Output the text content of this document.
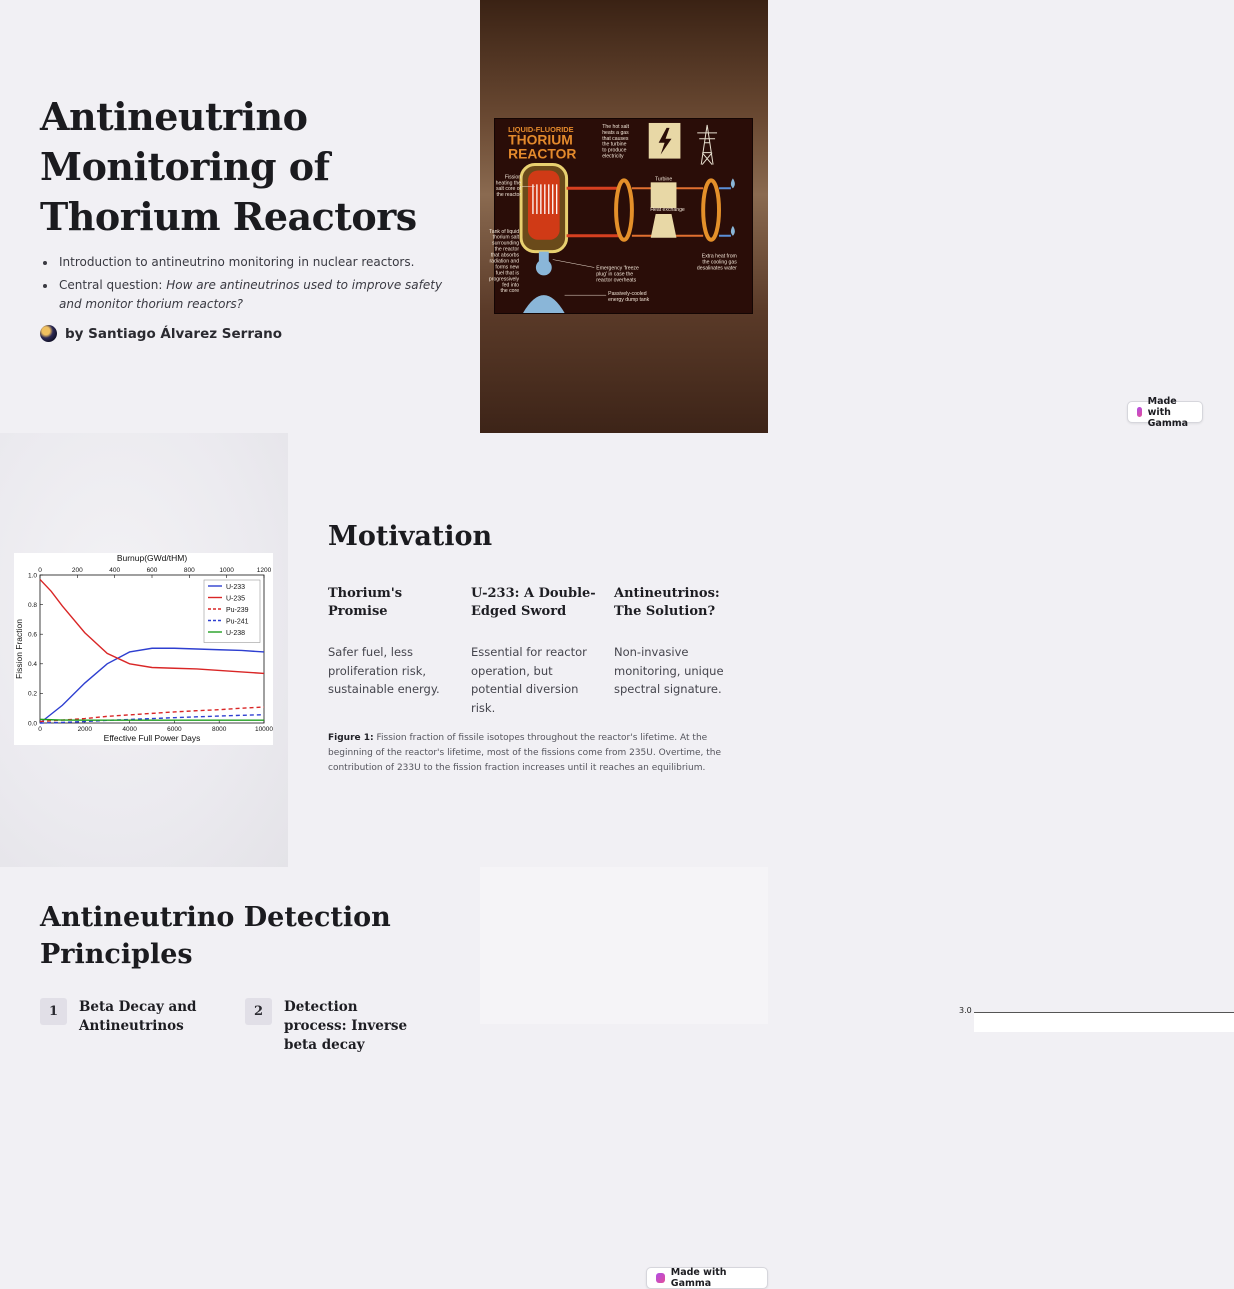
Antineutrino Monitoring of Thorium Reactors
Introduction to antineutrino monitoring in nuclear reactors.
Central question: How are antineutrinos used to improve safety and monitor thorium reactors?
by Santiago Álvarez Serrano
LIQUID-FLUORIDE
THORIUM
REACTOR
The hot salt
heats a gas
that causes
the turbine
to produce
electricity
Fission
heating the
salt core of
the reactor
Turbine
Heat exchange
Tank of liquid
thorium salt
surrounding
the reactor
that absorbs
radiation and
forms new
fuel that is
progressively
fed into
the core
Emergency 'freeze
plug' in case the
reactor overheats
Extra heat from
the cooling gas
desalinates water
Passively-cooled
energy dump tank
Made with Gamma
0	2000	4000	6000	8000	10000
0	200	400	600	800	1000	1200
0.0
0.2
0.4
0.6
0.8
1.0
Effective Full Power Days
Burnup(GWd/tHM)
Fission Fraction
U-233
U-235
Pu-239
Pu-241
U-238
Motivation
Thorium's Promise
Safer fuel, less proliferation risk, sustainable energy.
U-233: A Double-Edged Sword
Essential for reactor operation, but potential diversion risk.
Antineutrinos: The Solution?
Non-invasive monitoring, unique spectral signature.

Figure 1: Fission fraction of fissile isotopes throughout the reactor's lifetime. At the beginning of the reactor's lifetime, most of the fissions come from 235U. Overtime, the contribution of 233U to the fission fraction increases until it reaches an equilibrium.

Made with Gamma
3.0
Antineutrino Detection Principles
1	Beta Decay and Antineutrinos
2	Detection process: Inverse beta decay
